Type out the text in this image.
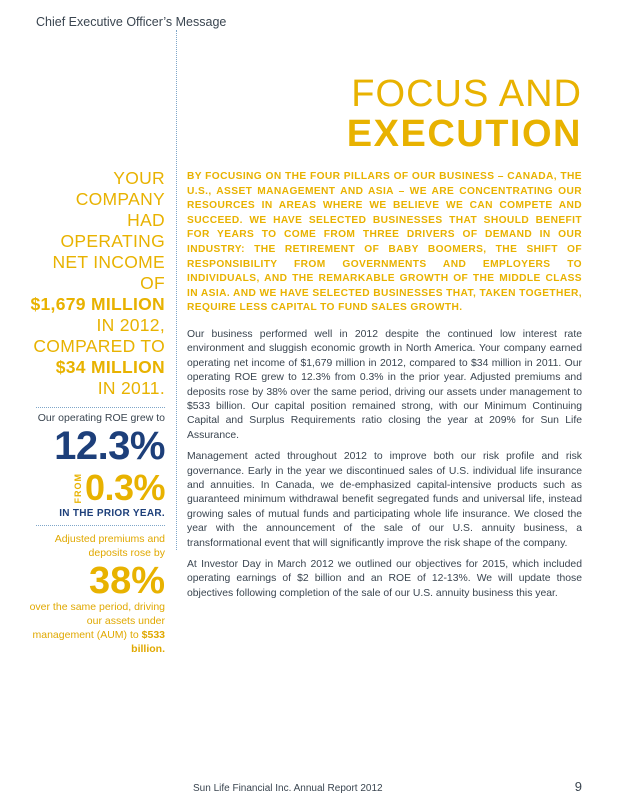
Chief Executive Officer’s Message
FOCUS AND
EXECUTION
YOUR COMPANY
HAD OPERATING
NET INCOME OF
$1,679 MILLION
IN 2012,
COMPARED TO
$34 MILLION
IN 2011.
Our operating ROE grew to
12.3%
FROM 0.3%
IN THE PRIOR YEAR.
Adjusted premiums and deposits rose by
38%
over the same period, driving our assets under management (AUM) to $533 billion.

BY FOCUSING ON THE FOUR PILLARS OF OUR BUSINESS – CANADA, THE U.S., ASSET MANAGEMENT AND ASIA – WE ARE CONCENTRATING OUR RESOURCES IN AREAS WHERE WE BELIEVE WE CAN COMPETE AND SUCCEED. WE HAVE SELECTED BUSINESSES THAT SHOULD BENEFIT FOR YEARS TO COME FROM THREE DRIVERS OF DEMAND IN OUR INDUSTRY: THE RETIREMENT OF BABY BOOMERS, THE SHIFT OF RESPONSIBILITY FROM GOVERNMENTS AND EMPLOYERS TO INDIVIDUALS, AND THE REMARKABLE GROWTH OF THE MIDDLE CLASS IN ASIA. AND WE HAVE SELECTED BUSINESSES THAT, TAKEN TOGETHER, REQUIRE LESS CAPITAL TO FUND SALES GROWTH.

Our business performed well in 2012 despite the continued low interest rate environment and sluggish economic growth in North America. Your company earned operating net income of $1,679 million in 2012, compared to $34 million in 2011. Our operating ROE grew to 12.3% from 0.3% in the prior year. Adjusted premiums and deposits rose by 38% over the same period, driving our assets under management to $533 billion. Our capital position remained strong, with our Minimum Continuing Capital and Surplus Requirements ratio closing the year at 209% for Sun Life Assurance.

Management acted throughout 2012 to improve both our risk profile and risk governance. Early in the year we discontinued sales of U.S. individual life insurance and annuities. In Canada, we de-emphasized capital-intensive products such as guaranteed minimum withdrawal benefit segregated funds and universal life, instead growing sales of mutual funds and participating whole life insurance. We closed the year with the announcement of the sale of our U.S. annuity business, a transformational event that will significantly improve the risk shape of the company.

At Investor Day in March 2012 we outlined our objectives for 2015, which included operating earnings of $2 billion and an ROE of 12-13%. We will update those objectives following completion of the sale of our U.S. annuity business this year.

Sun Life Financial Inc. Annual Report 2012	9
